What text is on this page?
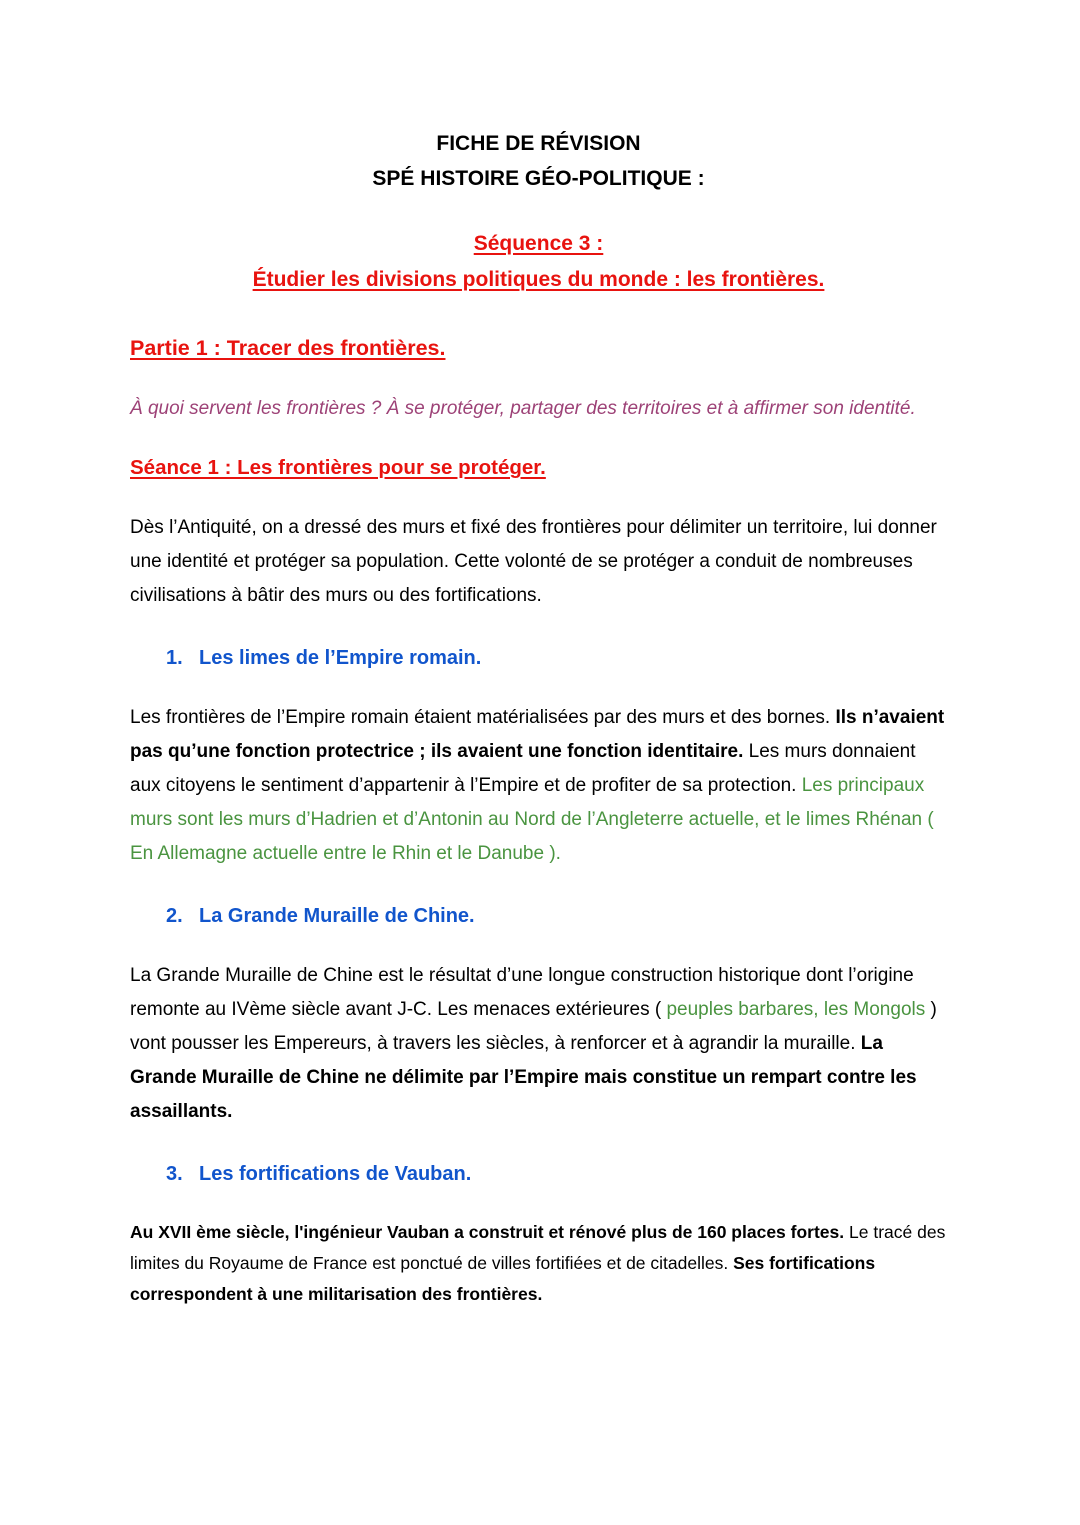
FICHE DE RÉVISION
SPÉ HISTOIRE GÉO-POLITIQUE :
Séquence 3 :
Étudier les divisions politiques du monde : les frontières.
Partie 1 : Tracer des frontières.

À quoi servent les frontières ? À se protéger, partager des territoires et à affirmer son identité.

Séance 1 : Les frontières pour se protéger.

Dès l’Antiquité, on a dressé des murs et fixé des frontières pour délimiter un territoire, lui donner une identité et protéger sa population. Cette volonté de se protéger a conduit de nombreuses civilisations à bâtir des murs ou des fortifications.

1. Les limes de l’Empire romain.

Les frontières de l’Empire romain étaient matérialisées par des murs et des bornes. Ils n’avaient pas qu’une fonction protectrice ; ils avaient une fonction identitaire. Les murs donnaient aux citoyens le sentiment d’appartenir à l’Empire et de profiter de sa protection. Les principaux murs sont les murs d’Hadrien et d’Antonin au Nord de l’Angleterre actuelle, et le limes Rhénan ( En Allemagne actuelle entre le Rhin et le Danube ).

2. La Grande Muraille de Chine.

La Grande Muraille de Chine est le résultat d’une longue construction historique dont l’origine remonte au IVème siècle avant J-C. Les menaces extérieures ( peuples barbares, les Mongols ) vont pousser les Empereurs, à travers les siècles, à renforcer et à agrandir la muraille. La Grande Muraille de Chine ne délimite par l’Empire mais constitue un rempart contre les assaillants.

3. Les fortifications de Vauban.

Au XVII ème siècle, l'ingénieur Vauban a construit et rénové plus de 160 places fortes. Le tracé des limites du Royaume de France est ponctué de villes fortifiées et de citadelles. Ses fortifications correspondent à une militarisation des frontières.
